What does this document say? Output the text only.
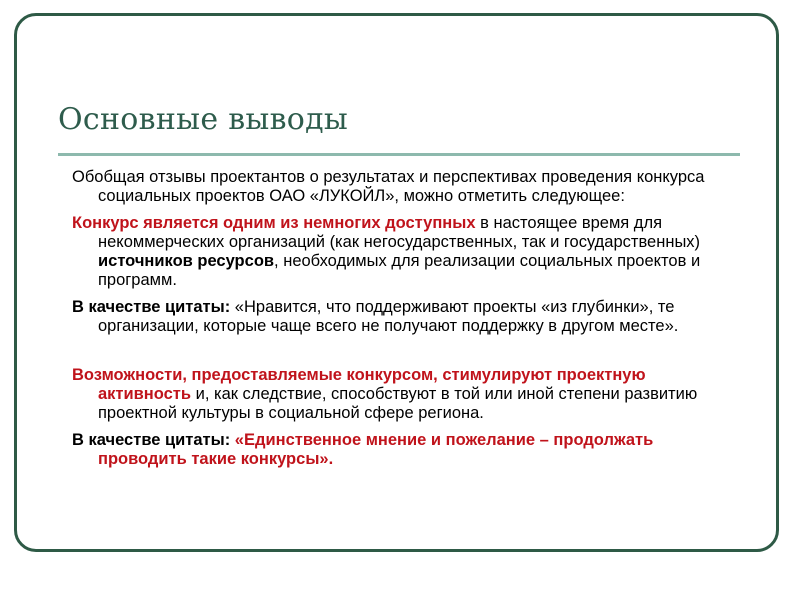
Основные выводы

Обобщая отзывы проектантов о результатах и перспективах проведения конкурса социальных проектов ОАО «ЛУКОЙЛ», можно отметить следующее:

Конкурс является одним из немногих доступных в настоящее время для некоммерческих организаций (как негосударственных, так и государственных) источников ресурсов, необходимых для реализации социальных проектов и программ.

В качестве цитаты: «Нравится, что поддерживают проекты «из глубинки», те организации, которые чаще всего не получают поддержку в другом месте».

Возможности, предоставляемые конкурсом, стимулируют проектную активность и, как следствие, способствуют в той или иной степени развитию проектной культуры в социальной сфере региона.

В качестве цитаты: «Единственное мнение и пожелание – продолжать проводить такие конкурсы».
